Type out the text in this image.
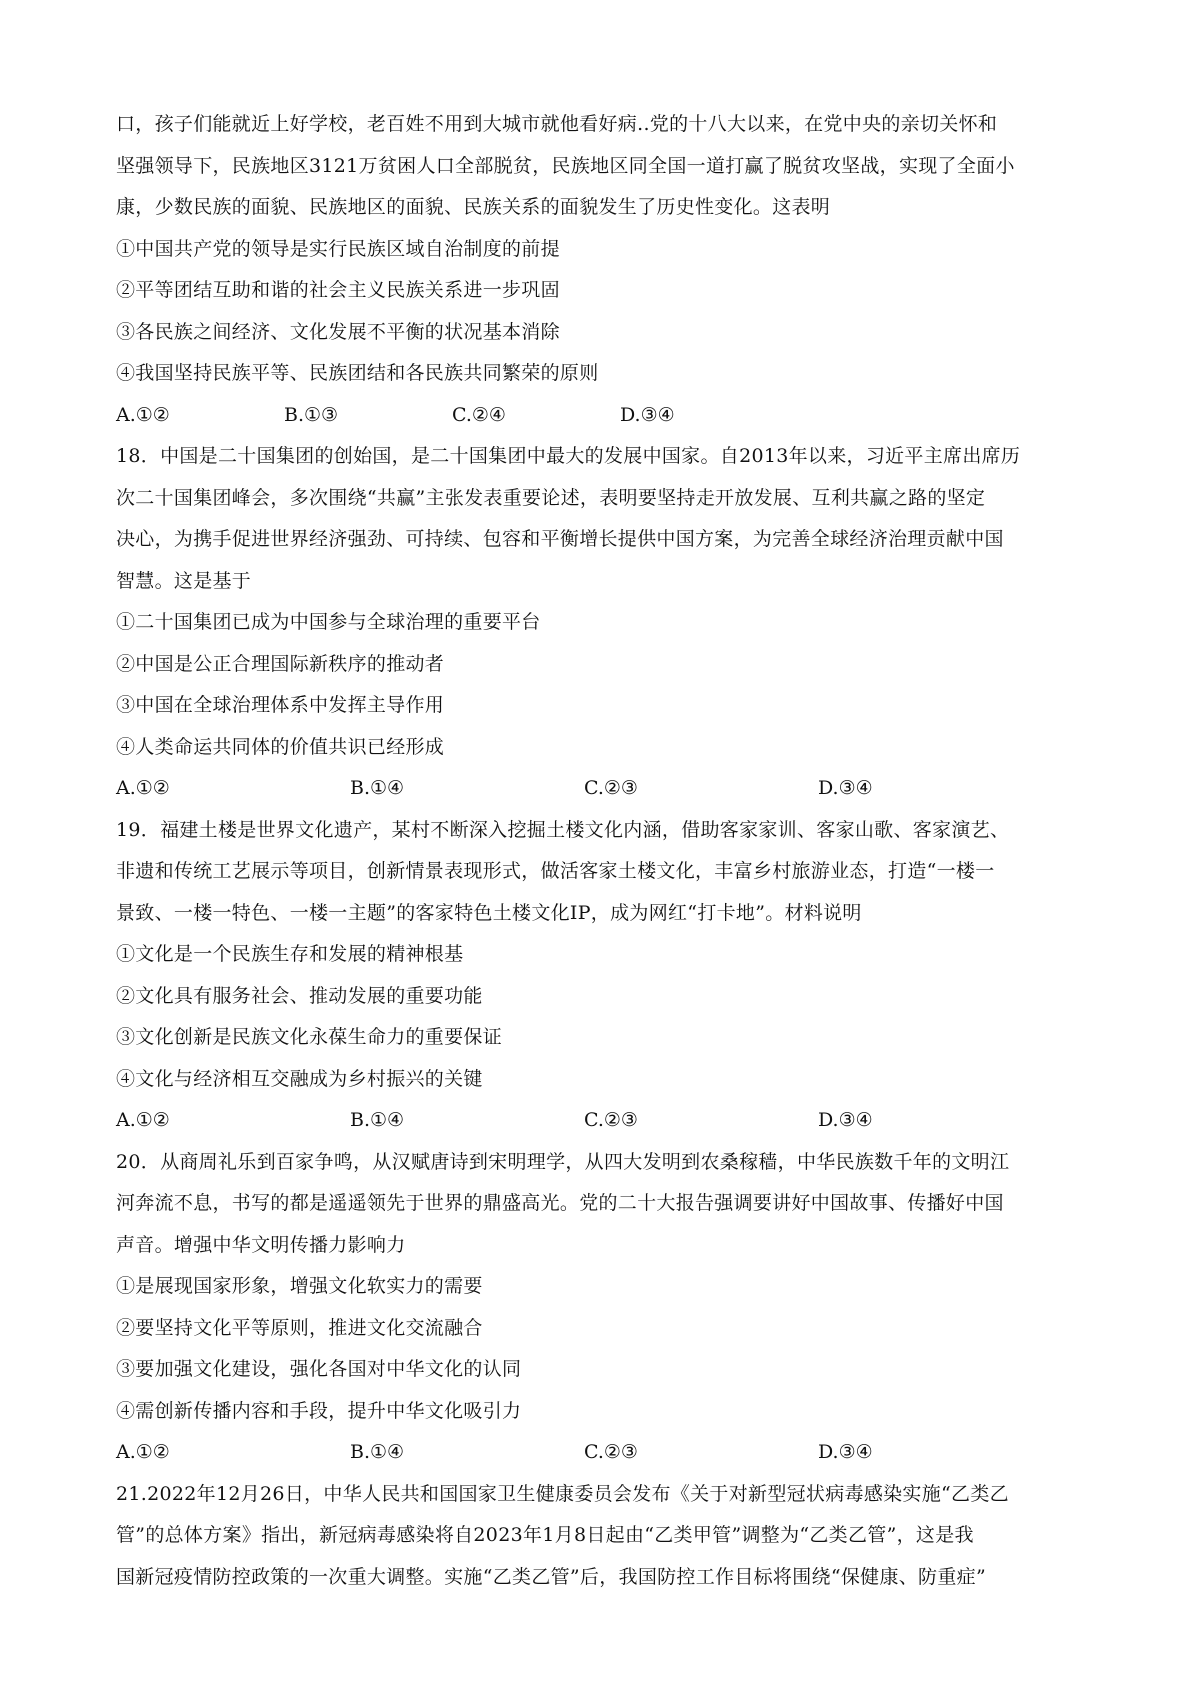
口，孩子们能就近上好学校，老百姓不用到大城市就他看好病..党的十八大以来，在党中央的亲切关怀和
坚强领导下，民族地区3121万贫困人口全部脱贫，民族地区同全国一道打赢了脱贫攻坚战，实现了全面小
康，少数民族的面貌、民族地区的面貌、民族关系的面貌发生了历史性变化。这表明
①中国共产党的领导是实行民族区域自治制度的前提
②平等团结互助和谐的社会主义民族关系进一步巩固
③各民族之间经济、文化发展不平衡的状况基本消除
④我国坚持民族平等、民族团结和各民族共同繁荣的原则
A.①②	B.①③	C.②④	D.③④
18．中国是二十国集团的创始国，是二十国集团中最大的发展中国家。自2013年以来，习近平主席出席历
次二十国集团峰会，多次围绕“共赢”主张发表重要论述，表明要坚持走开放发展、互利共赢之路的坚定
决心，为携手促进世界经济强劲、可持续、包容和平衡增长提供中国方案，为完善全球经济治理贡献中国
智慧。这是基于
①二十国集团已成为中国参与全球治理的重要平台
②中国是公正合理国际新秩序的推动者
③中国在全球治理体系中发挥主导作用
④人类命运共同体的价值共识已经形成
A.①②	B.①④	C.②③	D.③④
19．福建土楼是世界文化遗产，某村不断深入挖掘土楼文化内涵，借助客家家训、客家山歌、客家演艺、
非遗和传统工艺展示等项目，创新情景表现形式，做活客家土楼文化，丰富乡村旅游业态，打造“一楼一
景致、一楼一特色、一楼一主题”的客家特色土楼文化IP，成为网红“打卡地”。材料说明
①文化是一个民族生存和发展的精神根基
②文化具有服务社会、推动发展的重要功能
③文化创新是民族文化永葆生命力的重要保证
④文化与经济相互交融成为乡村振兴的关键
A.①②	B.①④	C.②③	D.③④
20．从商周礼乐到百家争鸣，从汉赋唐诗到宋明理学，从四大发明到农桑稼穑，中华民族数千年的文明江
河奔流不息，书写的都是遥遥领先于世界的鼎盛高光。党的二十大报告强调要讲好中国故事、传播好中国
声音。增强中华文明传播力影响力
①是展现国家形象，增强文化软实力的需要
②要坚持文化平等原则，推进文化交流融合
③要加强文化建设，强化各国对中华文化的认同
④需创新传播内容和手段，提升中华文化吸引力
A.①②	B.①④	C.②③	D.③④
21.2022年12月26日，中华人民共和国国家卫生健康委员会发布《关于对新型冠状病毒感染实施“乙类乙
管”的总体方案》指出，新冠病毒感染将自2023年1月8日起由“乙类甲管”调整为“乙类乙管”，这是我
国新冠疫情防控政策的一次重大调整。实施“乙类乙管”后，我国防控工作目标将围绕“保健康、防重症”
